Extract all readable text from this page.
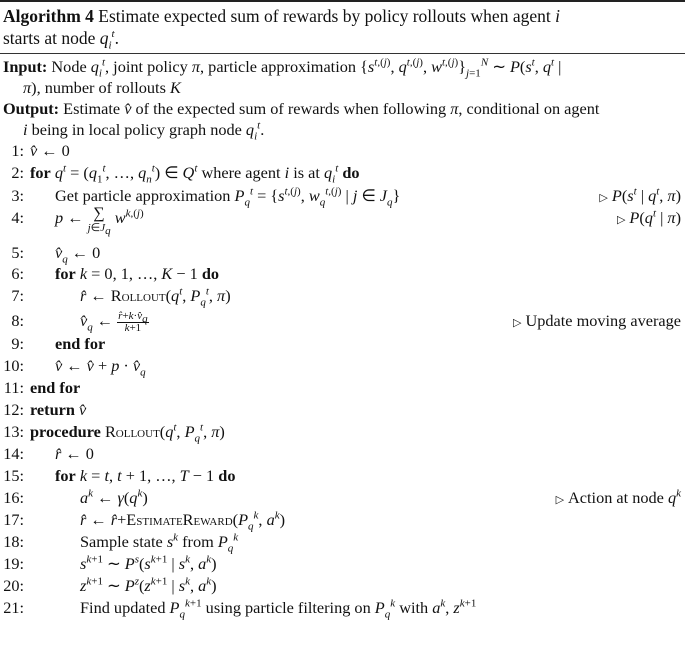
Algorithm 4 Estimate expected sum of rewards by policy rollouts when agent i
starts at node $q_i^t$.
Input: Node $q_i^t$, joint policy π, particle approximation {$s^{t,(j)}$, $q^{t,(j)}$, $w^{t,(j)}\}_{j=1}^N$ ∼ $P(s^t$, $q^t$ |
π), number of rollouts K
Output: Estimate v̂ of the expected sum of rewards when following π, conditional on agent
i being in local policy graph node $q_i^t$.
1: v̂ ← 0
2: for $q^t = (q_1^t$, …, $q_n^t$) ∈ $Q^t$ where agent i is at $q_i^t$ do
3: Get particle approximation $P_q^t = \{s^{t,(j)}$, $w_q^{t,(j)}$ | j ∈ $J_q$}	▷ $P(s^t$ | $q^t$, π)
4: p ← ∑
$j\in J_q$
$w^{k,(j)}$
▷ $P(q^t$ | π)
5: $v̂_q$ ← 0
6: for k = 0, 1, …, K − 1 do
7:	r̂ ← $Rollout(q^t$, $P_q^t$, π)
8:	$v̂_q$ ← $\frac{r̂+k\cdot v̂_q}{k+1}$	▷ Update moving average
9: end for
10: v̂ ← v̂ + $p \cdot v̂_q$
11: end for
12: return v̂
13: procedure $Rollout(q^t$, $P_q^t$, π)
14: r̂ ← 0
15: for k = t, t + 1, …, T − 1 do
16:	$a^k$ ← $\gamma(q^k)$	▷ Action at node $q^k$
17:	r̂ ← $r̂+EstimateReward(P_q^k$, $a^k$)
18:	Sample state $s^k$ from $P_q^k$
19:	$s^{k+1}$ ∼ $P^s(s^{k+1}$ | $s^k$, $a^k$)
20:	$z^{k+1}$ ∼ $P^z(z^{k+1}$ | $s^k$, $a^k$)
21:	Find updated $P_q^{k+1}$ using particle filtering on $P_q^k$ with $a^k$, $z^{k+1}$
